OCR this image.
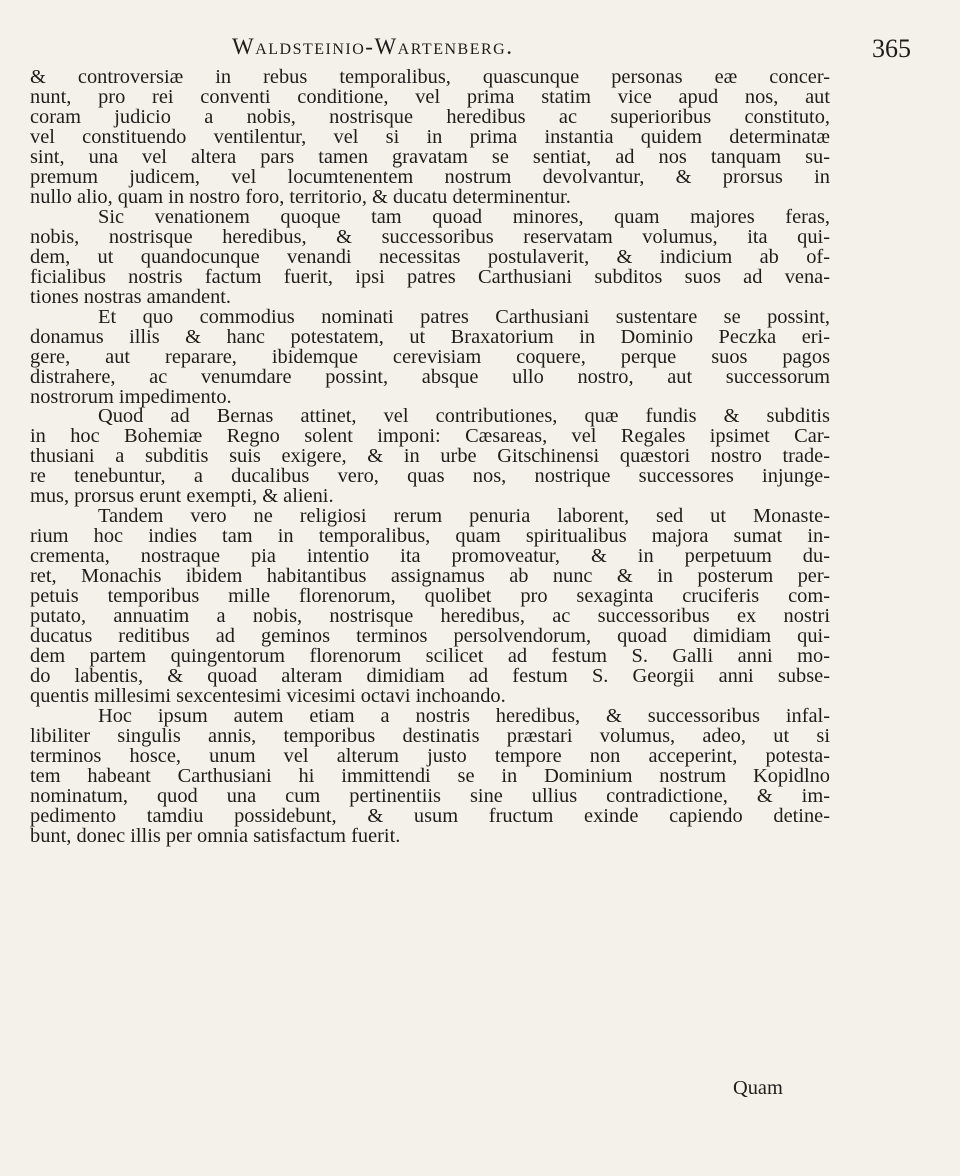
Waldsteinio-Wartenberg.	365
& controversiæ in rebus temporalibus, quascunque personas eæ concer-
nunt, pro rei conventi conditione, vel prima statim vice apud nos, aut
coram judicio a nobis, nostrisque heredibus ac superioribus constituto,
vel constituendo ventilentur, vel si in prima instantia quidem determinatæ
sint, una vel altera pars tamen gravatam se sentiat, ad nos tanquam su-
premum judicem, vel locumtenentem nostrum devolvantur, & prorsus in
nullo alio, quam in nostro foro, territorio, & ducatu determinentur.
Sic venationem quoque tam quoad minores, quam majores feras,
nobis, nostrisque heredibus, & successoribus reservatam volumus, ita qui-
dem, ut quandocunque venandi necessitas postulaverit, & indicium ab of-
ficialibus nostris factum fuerit, ipsi patres Carthusiani subditos suos ad vena-
tiones nostras amandent.
Et quo commodius nominati patres Carthusiani sustentare se possint,
donamus illis & hanc potestatem, ut Braxatorium in Dominio Peczka eri-
gere, aut reparare, ibidemque cerevisiam coquere, perque suos pagos
distrahere, ac venumdare possint, absque ullo nostro, aut successorum
nostrorum impedimento.
Quod ad Bernas attinet, vel contributiones, quæ fundis & subditis
in hoc Bohemiæ Regno solent imponi: Cæsareas, vel Regales ipsimet Car-
thusiani a subditis suis exigere, & in urbe Gitschinensi quæstori nostro trade-
re tenebuntur, a ducalibus vero, quas nos, nostrique successores injunge-
mus, prorsus erunt exempti, & alieni.
Tandem vero ne religiosi rerum penuria laborent, sed ut Monaste-
rium hoc indies tam in temporalibus, quam spiritualibus majora sumat in-
crementa, nostraque pia intentio ita promoveatur, & in perpetuum du-
ret, Monachis ibidem habitantibus assignamus ab nunc & in posterum per-
petuis temporibus mille florenorum, quolibet pro sexaginta cruciferis com-
putato, annuatim a nobis, nostrisque heredibus, ac successoribus ex nostri
ducatus reditibus ad geminos terminos persolvendorum, quoad dimidiam qui-
dem partem quingentorum florenorum scilicet ad festum S. Galli anni mo-
do labentis, & quoad alteram dimidiam ad festum S. Georgii anni subse-
quentis millesimi sexcentesimi vicesimi octavi inchoando.
Hoc ipsum autem etiam a nostris heredibus, & successoribus infal-
libiliter singulis annis, temporibus destinatis præstari volumus, adeo, ut si
terminos hosce, unum vel alterum justo tempore non acceperint, potesta-
tem habeant Carthusiani hi immittendi se in Dominium nostrum Kopidlno
nominatum, quod una cum pertinentiis sine ullius contradictione, & im-
pedimento tamdiu possidebunt, & usum fructum exinde capiendo detine-
bunt, donec illis per omnia satisfactum fuerit.
Quam
